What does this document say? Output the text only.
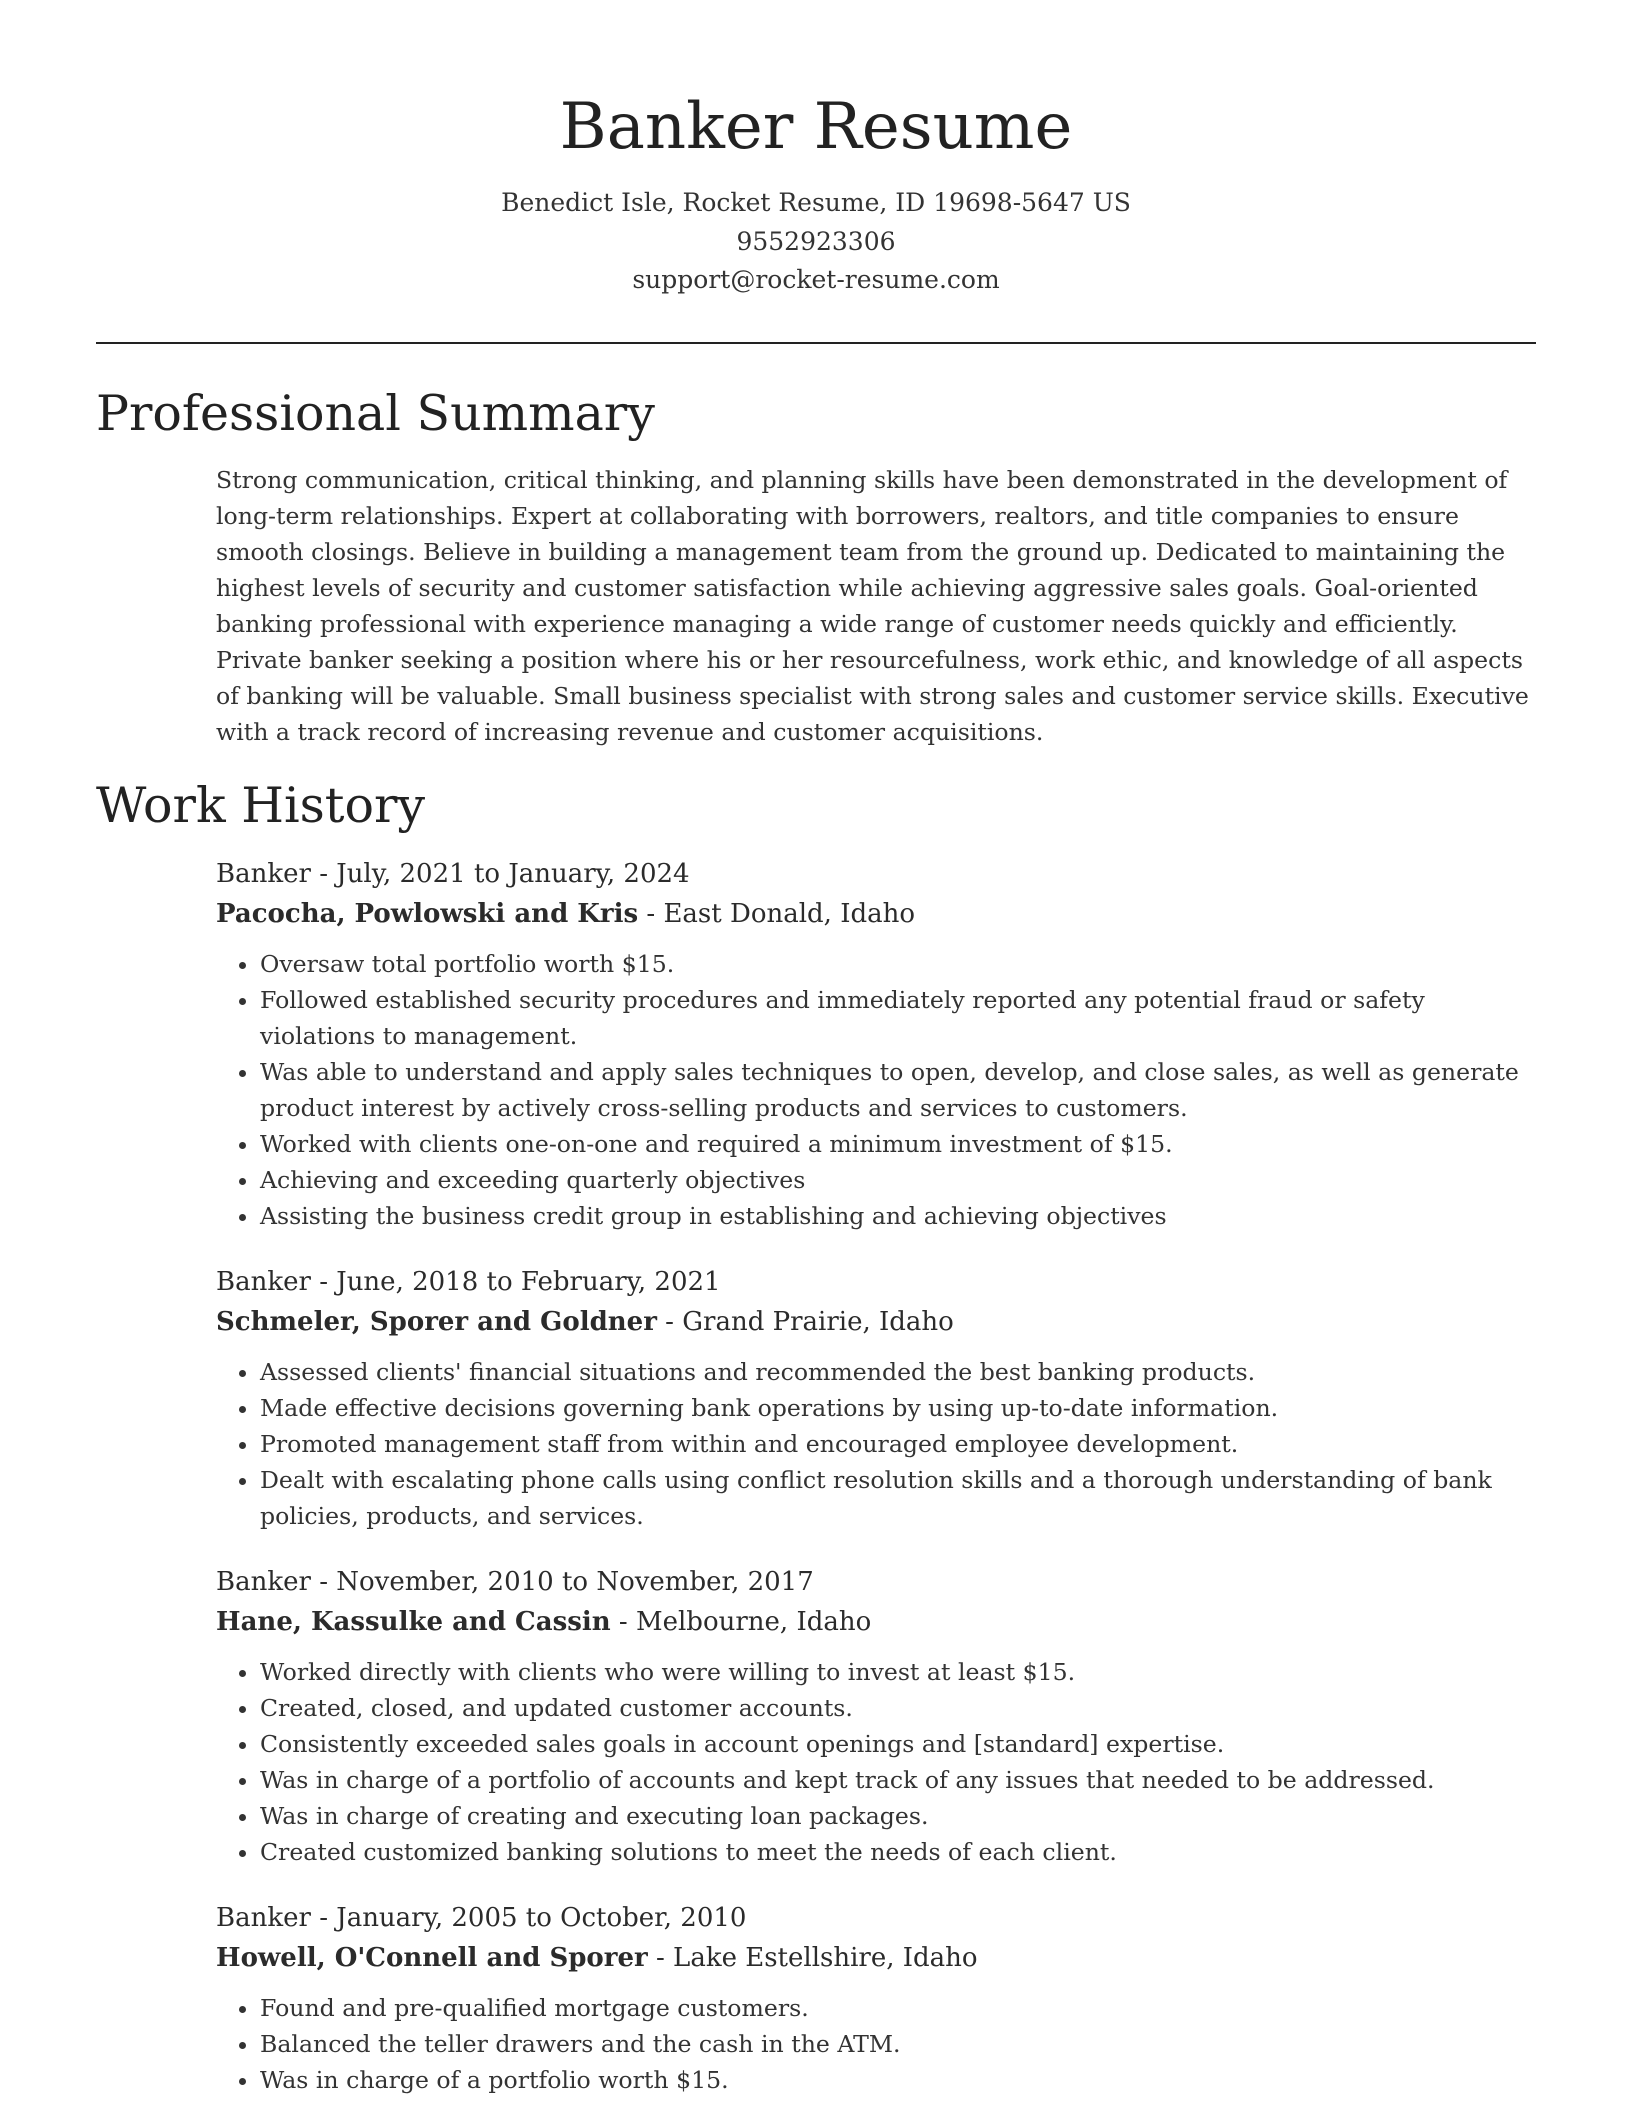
Banker Resume
Benedict Isle, Rocket Resume, ID 19698-5647 US
9552923306
support@rocket-resume.com
Professional Summary
Strong communication, critical thinking, and planning skills have been demonstrated in the development of long-term relationships. Expert at collaborating with borrowers, realtors, and title companies to ensure smooth closings. Believe in building a management team from the ground up. Dedicated to maintaining the highest levels of security and customer satisfaction while achieving aggressive sales goals. Goal-oriented banking professional with experience managing a wide range of customer needs quickly and efficiently. Private banker seeking a position where his or her resourcefulness, work ethic, and knowledge of all aspects of banking will be valuable. Small business specialist with strong sales and customer service skills. Executive with a track record of increasing revenue and customer acquisitions.
Work History
Banker - July, 2021 to January, 2024
Pacocha, Powlowski and Kris - East Donald, Idaho
• Oversaw total portfolio worth $15.
• Followed established security procedures and immediately reported any potential fraud or safety violations to management.
• Was able to understand and apply sales techniques to open, develop, and close sales, as well as generate product interest by actively cross-selling products and services to customers.
• Worked with clients one-on-one and required a minimum investment of $15.
• Achieving and exceeding quarterly objectives
• Assisting the business credit group in establishing and achieving objectives
Banker - June, 2018 to February, 2021
Schmeler, Sporer and Goldner - Grand Prairie, Idaho
• Assessed clients' financial situations and recommended the best banking products.
• Made effective decisions governing bank operations by using up-to-date information.
• Promoted management staff from within and encouraged employee development.
• Dealt with escalating phone calls using conflict resolution skills and a thorough understanding of bank policies, products, and services.
Banker - November, 2010 to November, 2017
Hane, Kassulke and Cassin - Melbourne, Idaho
• Worked directly with clients who were willing to invest at least $15.
• Created, closed, and updated customer accounts.
• Consistently exceeded sales goals in account openings and [standard] expertise.
• Was in charge of a portfolio of accounts and kept track of any issues that needed to be addressed.
• Was in charge of creating and executing loan packages.
• Created customized banking solutions to meet the needs of each client.
Banker - January, 2005 to October, 2010
Howell, O'Connell and Sporer - Lake Estellshire, Idaho
• Found and pre-qualified mortgage customers.
• Balanced the teller drawers and the cash in the ATM.
• Was in charge of a portfolio worth $15.
